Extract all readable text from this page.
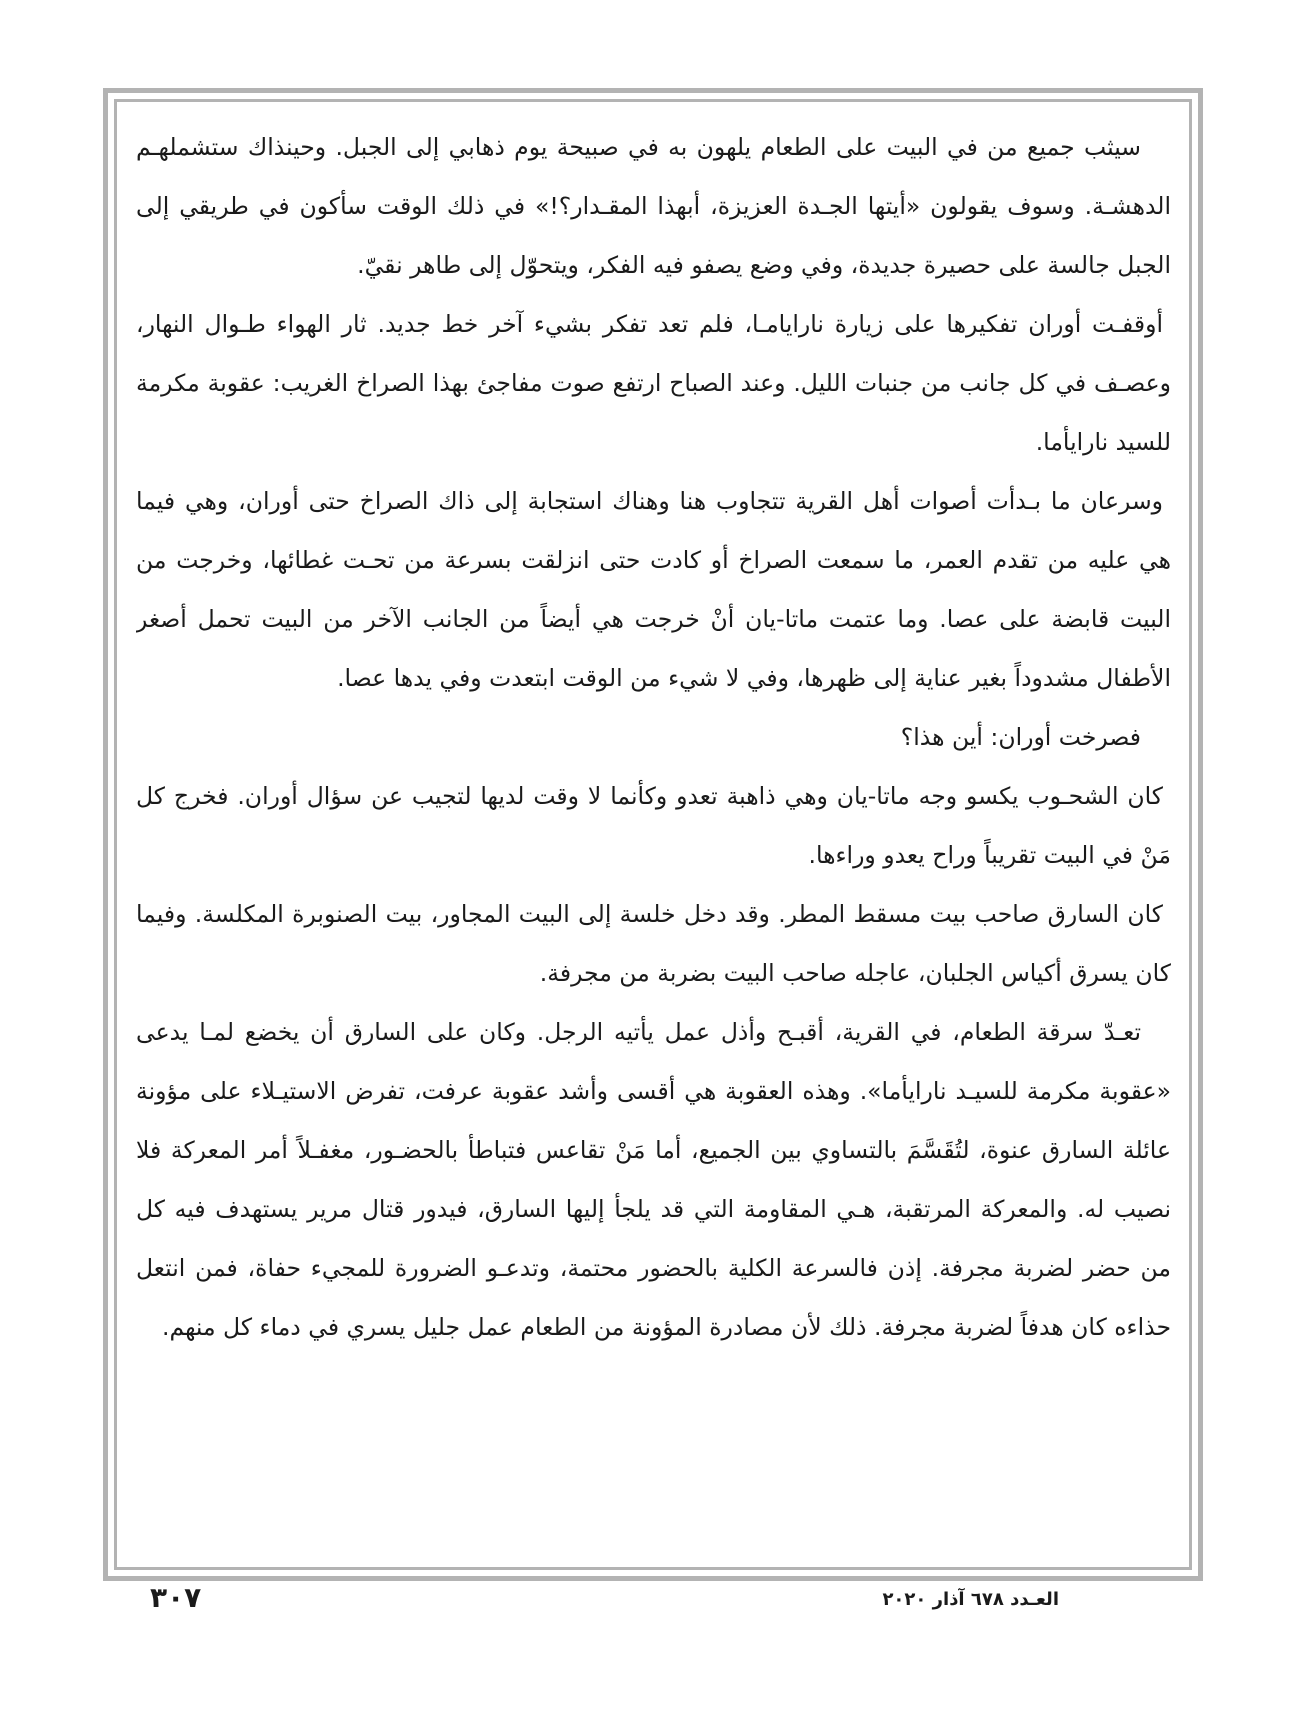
سيثب جميع من في البيت على الطعام يلهون به في صبيحة يوم ذهابي إلى الجبل. وحينذاك ستشملهـم الدهشـة. وسوف يقولون «أيتها الجـدة العزيزة، أبهذا المقـدار؟!» في ذلك الوقت سأكون في طريقي إلى الجبل جالسة على حصيرة جديدة، وفي وضع يصفو فيه الفكر، ويتحوّل إلى طاهر نقيّ.

أوقفـت أوران تفكيرها على زيارة نارايامـا، فلم تعد تفكر بشيء آخر خط جديد. ثار الهواء طـوال النهار، وعصـف في كل جانب من جنبات الليل. وعند الصباح ارتفع صوت مفاجئ بهذا الصراخ الغريب: عقوبة مكرمة للسيد نارايأما.

وسرعان ما بـدأت أصوات أهل القرية تتجاوب هنا وهناك استجابة إلى ذاك الصراخ حتى أوران، وهي فيما هي عليه من تقدم العمر، ما سمعت الصراخ أو كادت حتى انزلقت بسرعة من تحـت غطائها، وخرجت من البيت قابضة على عصا. وما عتمت ماتا-يان أنْ خرجت هي أيضاً من الجانب الآخر من البيت تحمل أصغر الأطفال مشدوداً بغير عناية إلى ظهرها، وفي لا شيء من الوقت ابتعدت وفي يدها عصا.

فصرخت أوران: أين هذا؟

كان الشحـوب يكسو وجه ماتا-يان وهي ذاهبة تعدو وكأنما لا وقت لديها لتجيب عن سؤال أوران. فخرج كل مَنْ في البيت تقريباً وراح يعدو وراءها.

كان السارق صاحب بيت مسقط المطر. وقد دخل خلسة إلى البيت المجاور، بيت الصنوبرة المكلسة. وفيما كان يسرق أكياس الجلبان، عاجله صاحب البيت بضربة من مجرفة.

تعـدّ سرقة الطعام، في القرية، أقبـح وأذل عمل يأتيه الرجل. وكان على السارق أن يخضع لمـا يدعى «عقوبة مكرمة للسيـد نارايأما». وهذه العقوبة هي أقسى وأشد عقوبة عرفت، تفرض الاستيـلاء على مؤونة عائلة السارق عنوة، لتُقَسَّمَ بالتساوي بين الجميع، أما مَنْ تقاعس فتباطأ بالحضـور، مغفـلاً أمر المعركة فلا نصيب له. والمعركة المرتقبة، هـي المقاومة التي قد يلجأ إليها السارق، فيدور قتال مرير يستهدف فيه كل من حضر لضربة مجرفة. إذن فالسرعة الكلية بالحضور محتمة، وتدعـو الضرورة للمجيء حفاة، فمن انتعل حذاءه كان هدفاً لضربة مجرفة. ذلك لأن مصادرة المؤونة من الطعام عمل جليل يسري في دماء كل منهم.

العـدد ٦٧٨ آذار ٢٠٢٠
٣٠٧
